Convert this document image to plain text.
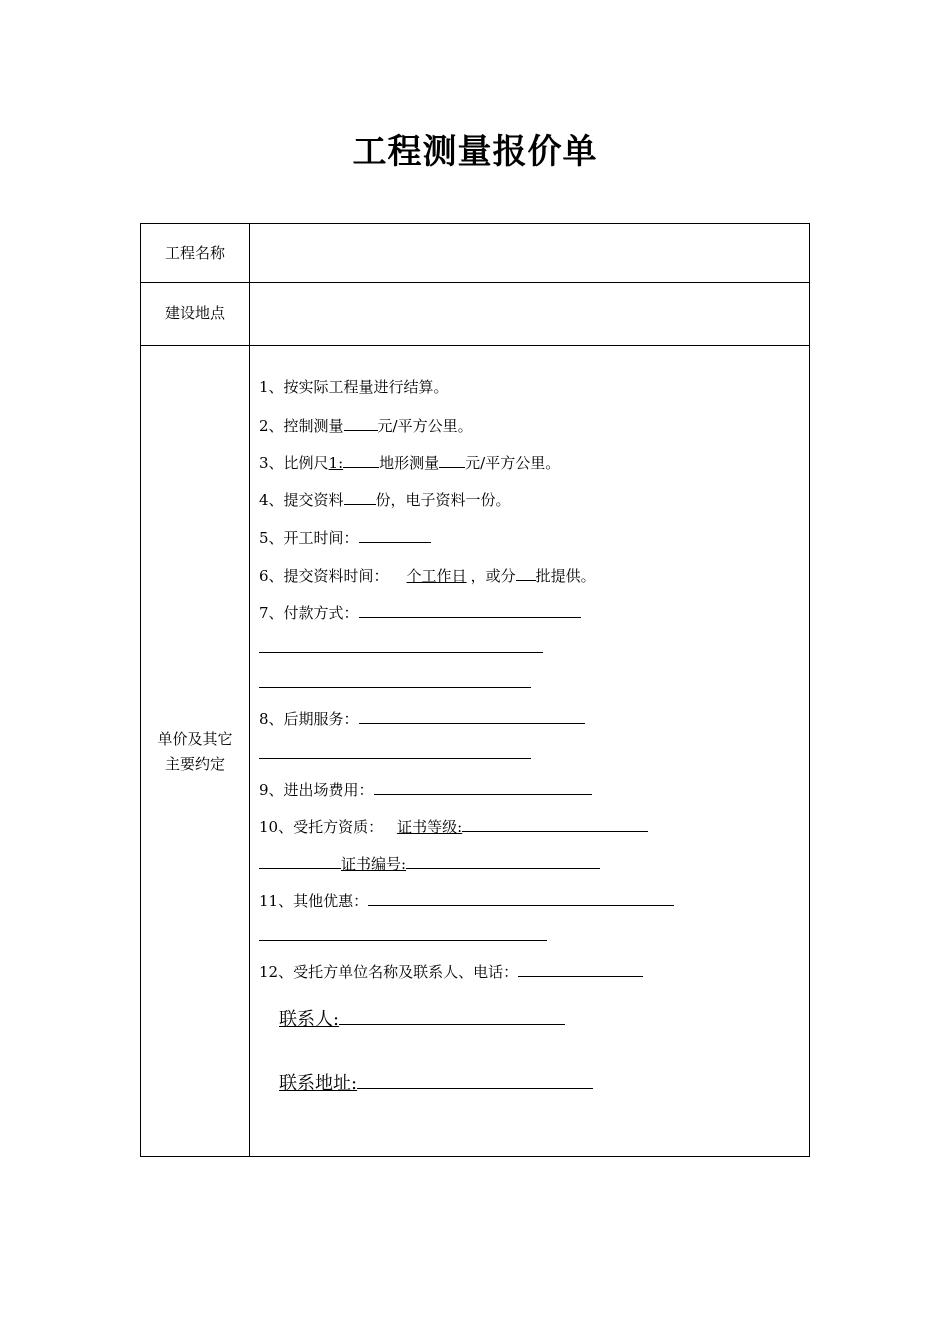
工程测量报价单
工程名称
建设地点
单价及其它
主要约定
1、按实际工程量进行结算。
2、控制测量 元/平方公里。
3、比例尺1: 地形测量 元/平方公里。
4、提交资料 份，电子资料一份。
5、开工时间：
6、提交资料时间： 个工作日 ，或分 批提供。
7、付款方式：
8、后期服务：
9、进出场费用：
10、受托方资质： 证书等级:
证书编号:
11、其他优惠：
12、受托方单位名称及联系人、电话：
联系人:
联系地址:
